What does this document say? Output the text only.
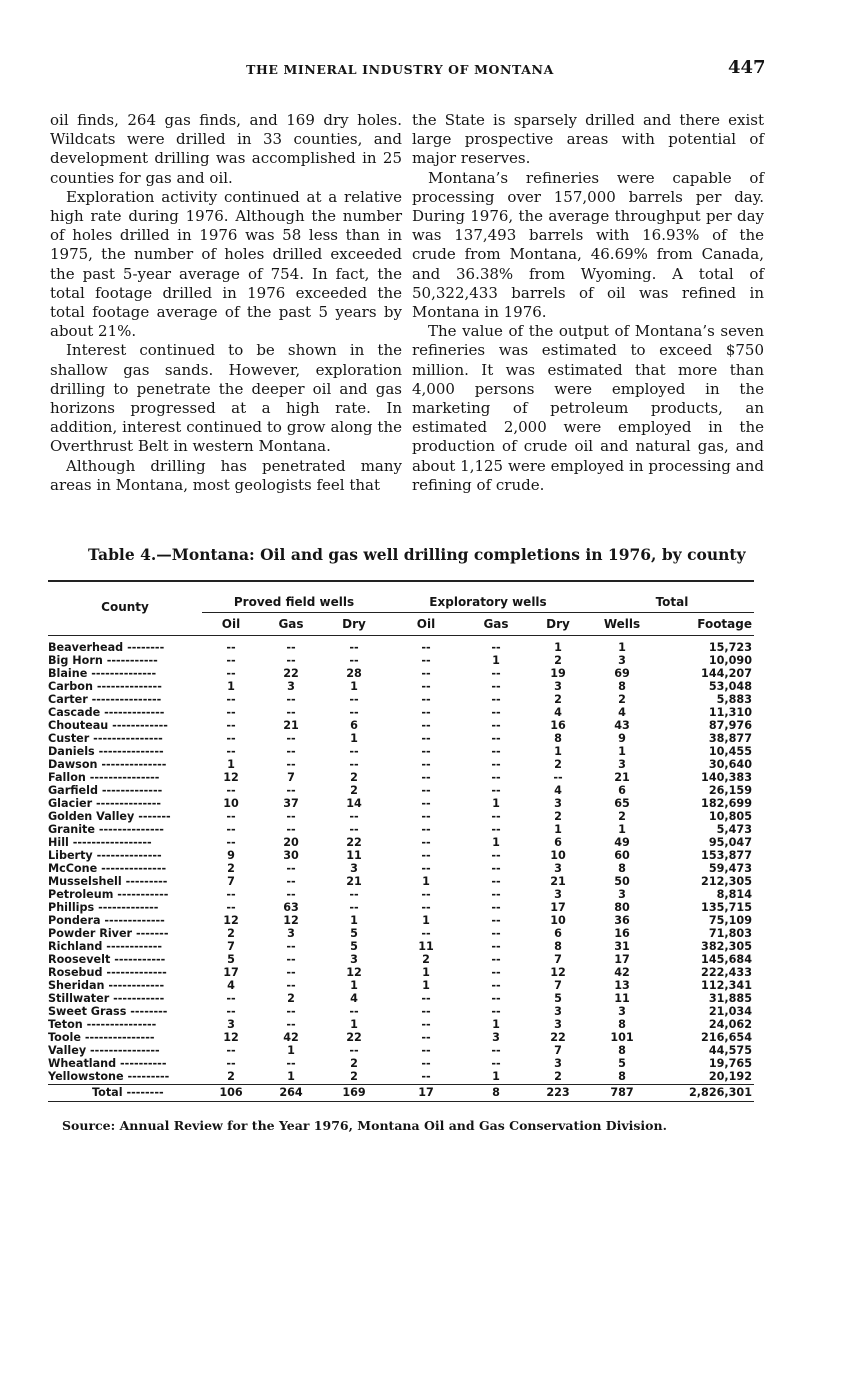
THE MINERAL INDUSTRY OF MONTANA	447

oil finds, 264 gas finds, and 169 dry holes. Wildcats were drilled in 33 counties, and development drilling was accomplished in 25 counties for gas and oil.

Exploration activity continued at a relative high rate during 1976. Although the number of holes drilled in 1976 was 58 less than in 1975, the number of holes drilled exceeded the past 5-year average of 754. In fact, the total footage drilled in 1976 exceeded the total footage average of the past 5 years by about 21%.

Interest continued to be shown in the shallow gas sands. However, exploration drilling to penetrate the deeper oil and gas horizons progressed at a high rate. In addition, interest continued to grow along the Overthrust Belt in western Montana.

Although drilling has penetrated many areas in Montana, most geologists feel that

the State is sparsely drilled and there exist large prospective areas with potential of major reserves.

Montana’s refineries were capable of processing over 157,000 barrels per day. During 1976, the average throughput per day was 137,493 barrels with 16.93% of the crude from Montana, 46.69% from Canada, and 36.38% from Wyoming. A total of 50,322,433 barrels of oil was refined in Montana in 1976.

The value of the output of Montana’s seven refineries was estimated to exceed $750 million. It was estimated that more than 4,000 persons were employed in the marketing of petroleum products, an estimated 2,000 were employed in the production of crude oil and natural gas, and about 1,125 were employed in processing and refining of crude.

Table 4.—Montana: Oil and gas well drilling completions in 1976, by county
County	Proved field wells			Exploratory wells			Total	
	Oil	Gas	Dry	Oil	Gas	Dry	Wells	Footage
Beaverhead --------	--	--	--	--	--	1	1	15,723
Big Horn -----------	--	--	--	--	1	2	3	10,090
Blaine --------------	--	22	28	--	--	19	69	144,207
Carbon --------------	1	3	1	--	--	3	8	53,048
Carter ---------------	--	--	--	--	--	2	2	5,883
Cascade -------------	--	--	--	--	--	4	4	11,310
Chouteau ------------	--	21	6	--	--	16	43	87,976
Custer ---------------	--	--	1	--	--	8	9	38,877
Daniels --------------	--	--	--	--	--	1	1	10,455
Dawson --------------	1	--	--	--	--	2	3	30,640
Fallon ---------------	12	7	2	--	--	--	21	140,383
Garfield -------------	--	--	2	--	--	4	6	26,159
Glacier --------------	10	37	14	--	1	3	65	182,699
Golden Valley -------	--	--	--	--	--	2	2	10,805
Granite --------------	--	--	--	--	--	1	1	5,473
Hill -----------------	--	20	22	--	1	6	49	95,047
Liberty --------------	9	30	11	--	--	10	60	153,877
McCone --------------	2	--	3	--	--	3	8	59,473
Musselshell ---------	7	--	21	1	--	21	50	212,305
Petroleum -----------	--	--	--	--	--	3	3	8,814
Phillips -------------	--	63	--	--	--	17	80	135,715
Pondera -------------	12	12	1	1	--	10	36	75,109
Powder River -------	2	3	5	--	--	6	16	71,803
Richland ------------	7	--	5	11	--	8	31	382,305
Roosevelt -----------	5	--	3	2	--	7	17	145,684
Rosebud -------------	17	--	12	1	--	12	42	222,433
Sheridan ------------	4	--	1	1	--	7	13	112,341
Stillwater -----------	--	2	4	--	--	5	11	31,885
Sweet Grass --------	--	--	--	--	--	3	3	21,034
Teton ---------------	3	--	1	--	1	3	8	24,062
Toole ---------------	12	42	22	--	3	22	101	216,654
Valley ---------------	--	1	--	--	--	7	8	44,575
Wheatland ----------	--	--	2	--	--	3	5	19,765
Yellowstone ---------	2	1	2	--	1	2	8	20,192
Total --------	106	264	169	17	8	223	787	2,826,301
Source: Annual Review for the Year 1976, Montana Oil and Gas Conservation Division.
